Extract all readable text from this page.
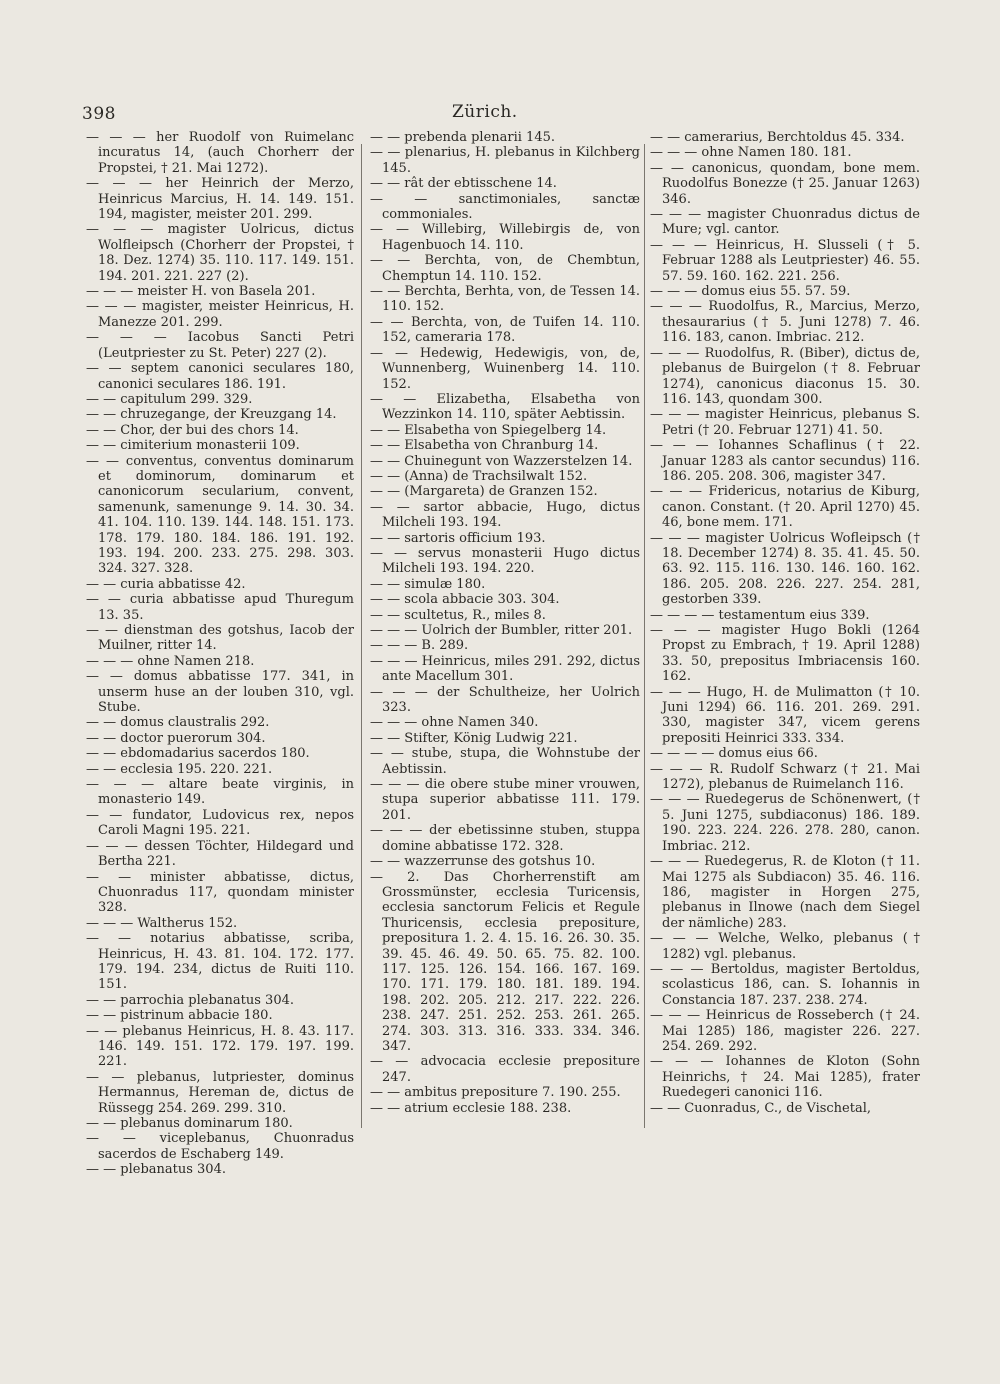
398	Zürich.

— — — her Ruodolf von Ruimelanc incuratus 14, (auch Chorherr der Propstei, † 21. Mai 1272).

— — — her Heinrich der Merzo, Heinricus Marcius, H. 14. 149. 151. 194, magister, meister 201. 299.

— — — magister Uolricus, dictus Wolfleipsch (Chorherr der Propstei, † 18. Dez. 1274) 35. 110. 117. 149. 151. 194. 201. 221. 227 (2).

— — — meister H. von Basela 201.

— — — magister, meister Heinricus, H. Manezze 201. 299.

— — — Iacobus Sancti Petri (Leutpriester zu St. Peter) 227 (2).

— — septem canonici seculares 180, canonici seculares 186. 191.

— — capitulum 299. 329.

— — chruzegange, der Kreuzgang 14.

— — Chor, der bui des chors 14.

— — cimiterium monasterii 109.

— — conventus, conventus dominarum et dominorum, dominarum et canonicorum secularium, convent, samenunk, samenunge 9. 14. 30. 34. 41. 104. 110. 139. 144. 148. 151. 173. 178. 179. 180. 184. 186. 191. 192. 193. 194. 200. 233. 275. 298. 303. 324. 327. 328.

— — curia abbatisse 42.

— — curia abbatisse apud Thuregum 13. 35.

— — dienstman des gotshus, Iacob der Muilner, ritter 14.

— — — ohne Namen 218.

— — domus abbatisse 177. 341, in unserm huse an der louben 310, vgl. Stube.

— — domus claustralis 292.

— — doctor puerorum 304.

— — ebdomadarius sacerdos 180.

— — ecclesia 195. 220. 221.

— — — altare beate virginis, in monasterio 149.

— — fundator, Ludovicus rex, nepos Caroli Magni 195. 221.

— — — dessen Töchter, Hildegard und Bertha 221.

— — minister abbatisse, dictus, Chuonradus 117, quondam minister 328.

— — — Waltherus 152.

— — notarius abbatisse, scriba, Heinricus, H. 43. 81. 104. 172. 177. 179. 194. 234, dictus de Ruiti 110. 151.

— — parrochia plebanatus 304.

— — pistrinum abbacie 180.

— — plebanus Heinricus, H. 8. 43. 117. 146. 149. 151. 172. 179. 197. 199. 221.

— — plebanus, lutpriester, dominus Hermannus, Hereman de, dictus de Rüssegg 254. 269. 299. 310.

— — plebanus dominarum 180.

— — viceplebanus, Chuonradus sacerdos de Eschaberg 149.

— — plebanatus 304.

— — prebenda plenarii 145.

— — plenarius, H. plebanus in Kilchberg 145.

— — rât der ebtisschene 14.

— — sanctimoniales, sanctæ commoniales.

— — Willebirg, Willebirgis de, von Hagenbuoch 14. 110.

— — Berchta, von, de Chembtun, Chemptun 14. 110. 152.

— — Berchta, Berhta, von, de Tessen 14. 110. 152.

— — Berchta, von, de Tuifen 14. 110. 152, cameraria 178.

— — Hedewig, Hedewigis, von, de, Wunnenberg, Wuinenberg 14. 110. 152.

— — Elizabetha, Elsabetha von Wezzinkon 14. 110, später Aebtissin.

— — Elsabetha von Spiegelberg 14.

— — Elsabetha von Chranburg 14.

— — Chuinegunt von Wazzerstelzen 14.

— — (Anna) de Trachsilwalt 152.

— — (Margareta) de Granzen 152.

— — sartor abbacie, Hugo, dictus Milcheli 193. 194.

— — sartoris officium 193.

— — servus monasterii Hugo dictus Milcheli 193. 194. 220.

— — simulæ 180.

— — scola abbacie 303. 304.

— — scultetus, R., miles 8.

— — — Uolrich der Bumbler, ritter 201.

— — — B. 289.

— — — Heinricus, miles 291. 292, dictus ante Macellum 301.

— — — der Schultheize, her Uolrich 323.

— — — ohne Namen 340.

— — Stifter, König Ludwig 221.

— — stube, stupa, die Wohnstube der Aebtissin.

— — — die obere stube miner vrouwen, stupa superior abbatisse 111. 179. 201.

— — — der ebetissinne stuben, stuppa domine abbatisse 172. 328.

— — wazzerrunse des gotshus 10.

— 2. Das Chorherrenstift am Grossmünster, ecclesia Turicensis, ecclesia sanctorum Felicis et Regule Thuricensis, ecclesia prepositure, prepositura 1. 2. 4. 15. 16. 26. 30. 35. 39. 45. 46. 49. 50. 65. 75. 82. 100. 117. 125. 126. 154. 166. 167. 169. 170. 171. 179. 180. 181. 189. 194. 198. 202. 205. 212. 217. 222. 226. 238. 247. 251. 252. 253. 261. 265. 274. 303. 313. 316. 333. 334. 346. 347.

— — advocacia ecclesie prepositure 247.

— — ambitus prepositure 7. 190. 255.

— — atrium ecclesie 188. 238.

— — camerarius, Berchtoldus 45. 334.

— — — ohne Namen 180. 181.

— — canonicus, quondam, bone mem. Ruodolfus Bonezze († 25. Januar 1263) 346.

— — — magister Chuonradus dictus de Mure; vgl. cantor.

— — — Heinricus, H. Slusseli († 5. Februar 1288 als Leutpriester) 46. 55. 57. 59. 160. 162. 221. 256.

— — — domus eius 55. 57. 59.

— — — Ruodolfus, R., Marcius, Merzo, thesaurarius († 5. Juni 1278) 7. 46. 116. 183, canon. Imbriac. 212.

— — — Ruodolfus, R. (Biber), dictus de, plebanus de Buirgelon († 8. Februar 1274), canonicus diaconus 15. 30. 116. 143, quondam 300.

— — — magister Heinricus, plebanus S. Petri († 20. Februar 1271) 41. 50.

— — — Iohannes Schaflinus († 22. Januar 1283 als cantor secundus) 116. 186. 205. 208. 306, magister 347.

— — — Fridericus, notarius de Kiburg, canon. Constant. († 20. April 1270) 45. 46, bone mem. 171.

— — — magister Uolricus Wofleipsch († 18. December 1274) 8. 35. 41. 45. 50. 63. 92. 115. 116. 130. 146. 160. 162. 186. 205. 208. 226. 227. 254. 281, gestorben 339.

— — — — testamentum eius 339.

— — — magister Hugo Bokli (1264 Propst zu Embrach, † 19. April 1288) 33. 50, prepositus Imbriacensis 160. 162.

— — — Hugo, H. de Mulimatton († 10. Juni 1294) 66. 116. 201. 269. 291. 330, magister 347, vicem gerens prepositi Heinrici 333. 334.

— — — — domus eius 66.

— — — R. Rudolf Schwarz († 21. Mai 1272), plebanus de Ruimelanch 116.

— — — Ruedegerus de Schönenwert, († 5. Juni 1275, subdiaconus) 186. 189. 190. 223. 224. 226. 278. 280, canon. Imbriac. 212.

— — — Ruedegerus, R. de Kloton († 11. Mai 1275 als Subdiacon) 35. 46. 116. 186, magister in Horgen 275, plebanus in Ilnowe (nach dem Siegel der nämliche) 283.

— — — Welche, Welko, plebanus († 1282) vgl. plebanus.

— — — Bertoldus, magister Bertoldus, scolasticus 186, can. S. Iohannis in Constancia 187. 237. 238. 274.

— — — Heinricus de Rosseberch († 24. Mai 1285) 186, magister 226. 227. 254. 269. 292.

— — — Iohannes de Kloton (Sohn Heinrichs, † 24. Mai 1285), frater Ruedegeri canonici 116.

— — Cuonradus, C., de Vischetal,
